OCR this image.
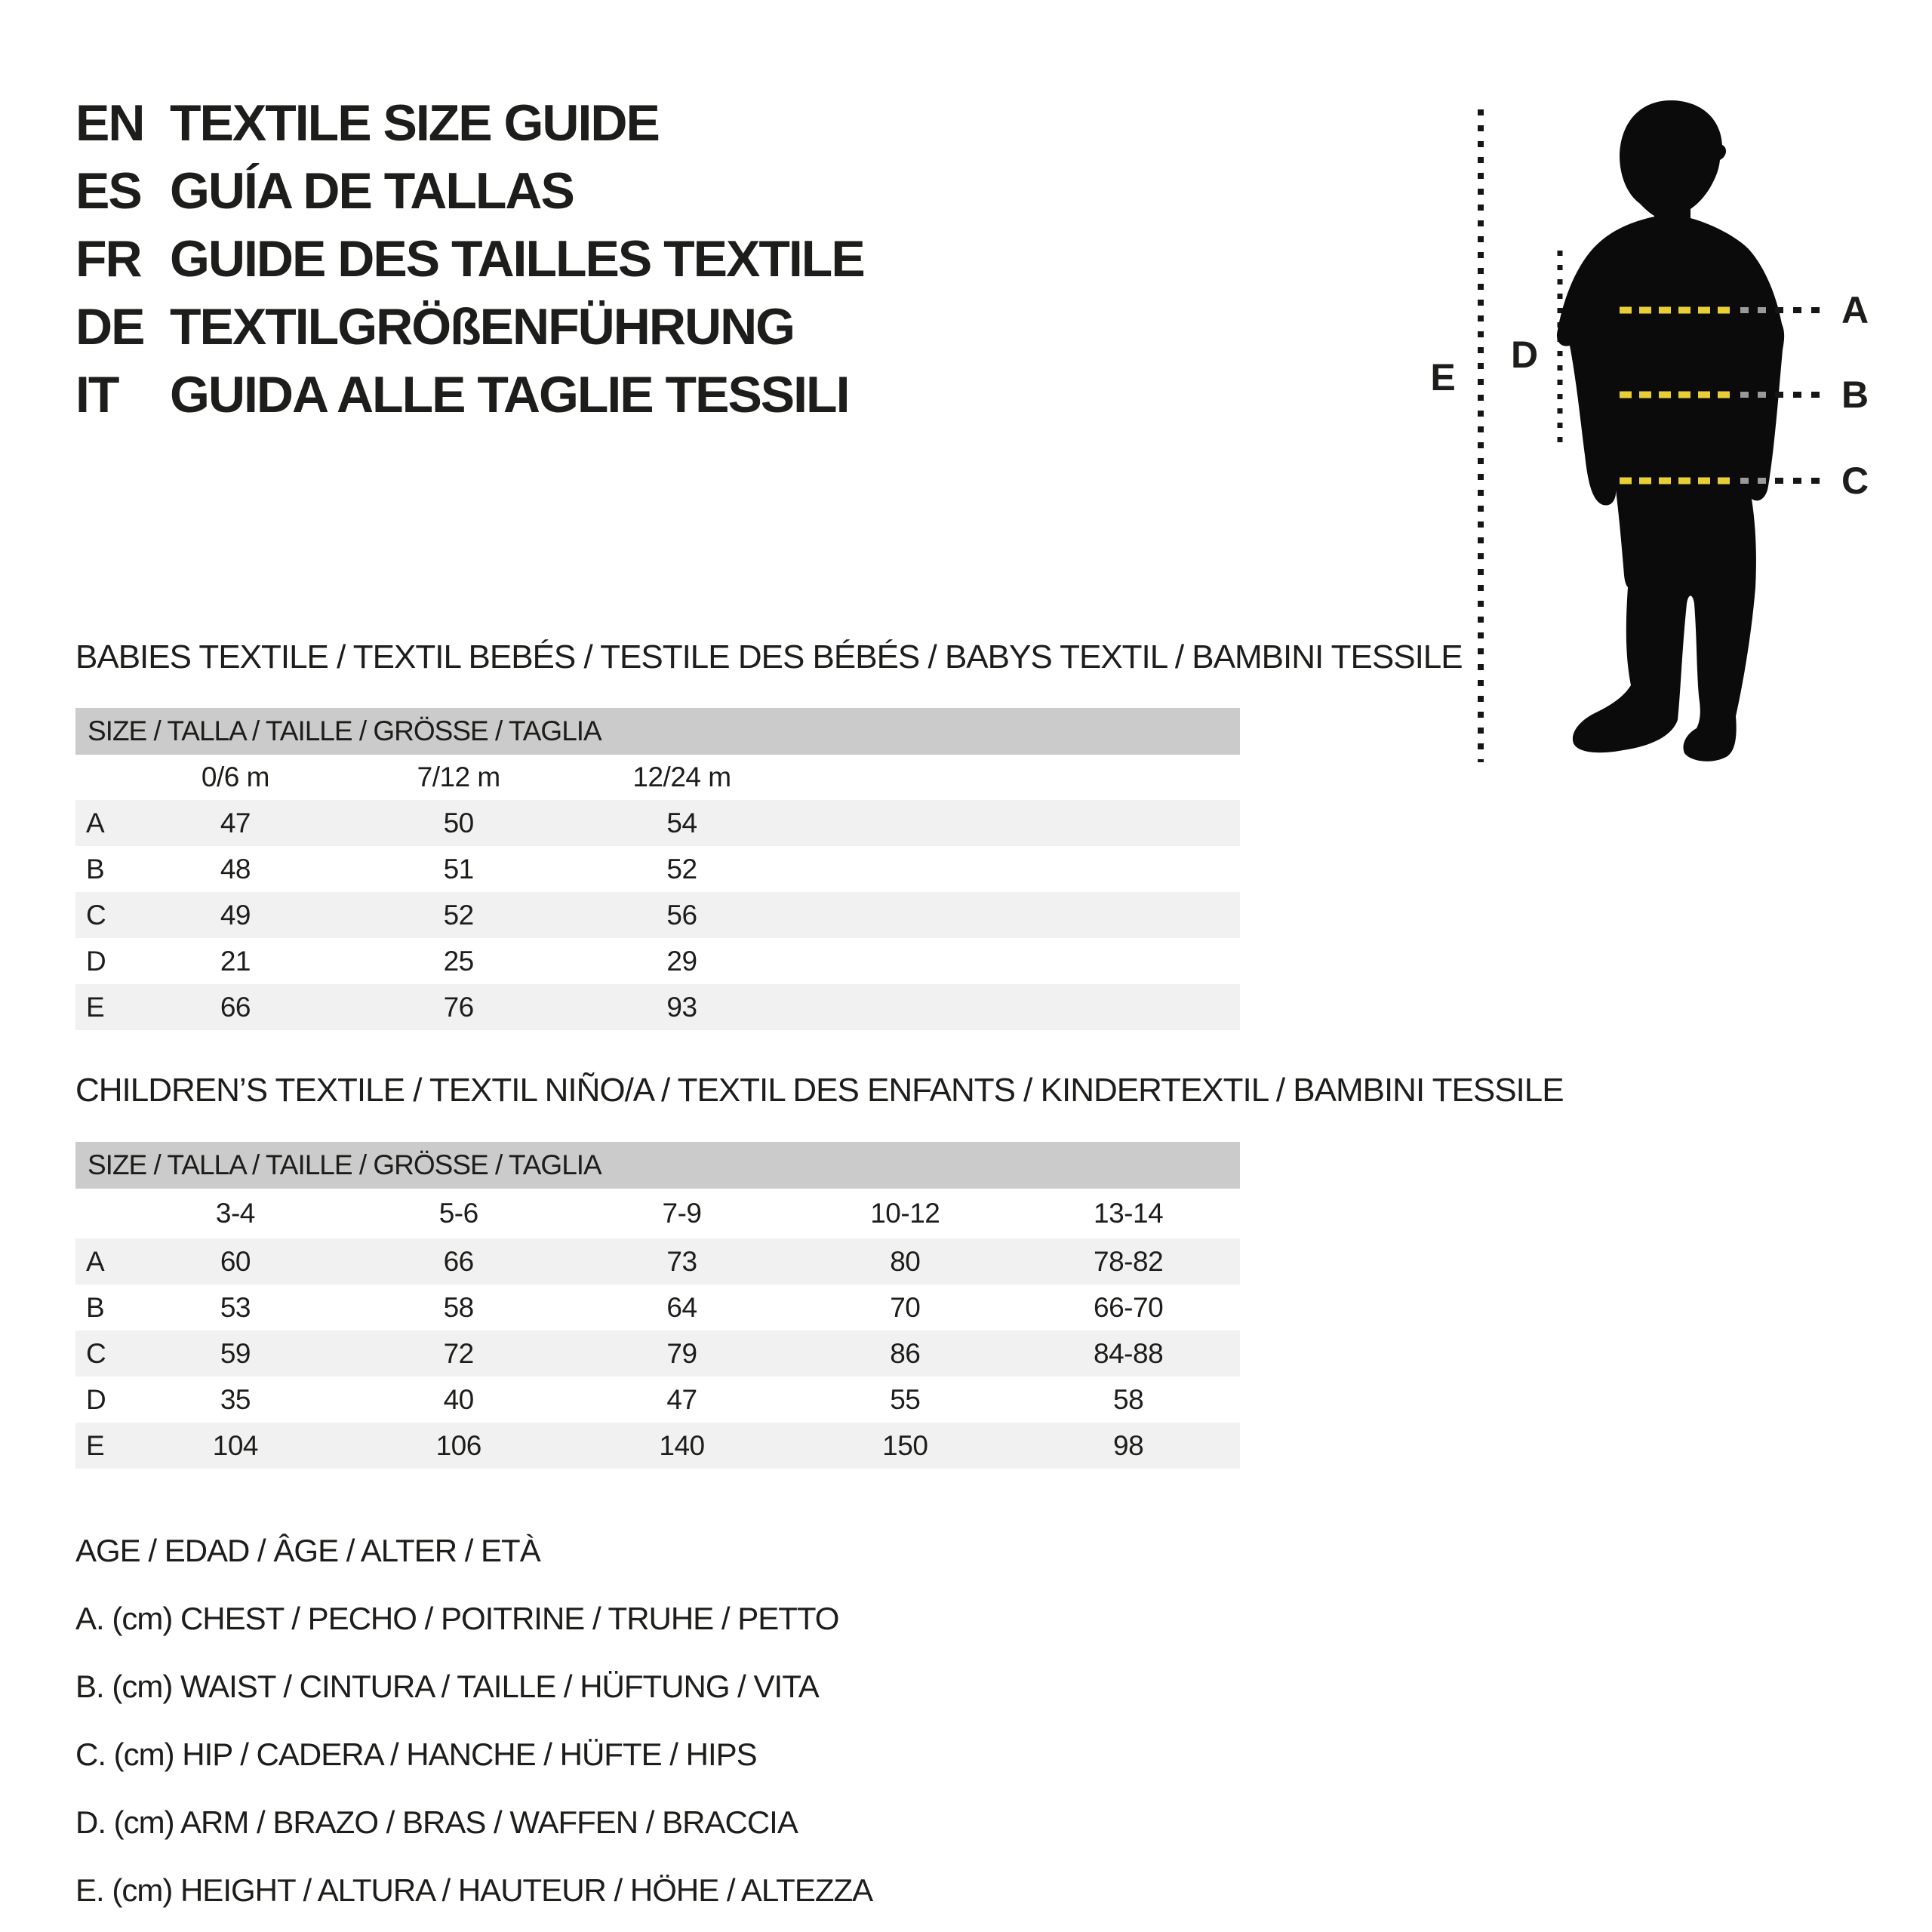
EN TEXTILE SIZE GUIDE
ES GUÍA DE TALLAS
FR GUIDE DES TAILLES TEXTILE
DE TEXTILGRÖßENFÜHRUNG
IT	GUIDA ALLE TAGLIE TESSILI	E
D
A
B
C
BABIES TEXTILE / TEXTIL BEBÉS / TESTILE DES BÉBÉS / BABYS TEXTIL / BAMBINI TESSILE
SIZE / TALLA / TAILLE / GRÖSSE / TAGLIA
0/6 m	7/12 m	12/24 m
A	47	50	54
B	48	51	52
C	49	52	56
D	21	25	29
E	66	76	93
CHILDREN’S TEXTILE / TEXTIL NIÑO/A / TEXTIL DES ENFANTS / KINDERTEXTIL / BAMBINI TESSILE
SIZE / TALLA / TAILLE / GRÖSSE / TAGLIA
3-4	5-6	7-9	10-12	13-14
A	60	66	73	80	78-82
B	53	58	64	70	66-70
C	59	72	79	86	84-88
D	35	40	47	55	58
E	104	106	140	150	98
AGE / EDAD / ÂGE / ALTER / ETÀ
A. (cm) CHEST / PECHO / POITRINE / TRUHE / PETTO
B. (cm) WAIST / CINTURA / TAILLE / HÜFTUNG / VITA
C. (cm) HIP / CADERA / HANCHE / HÜFTE / HIPS
D. (cm) ARM / BRAZO / BRAS / WAFFEN / BRACCIA
E. (cm) HEIGHT / ALTURA / HAUTEUR / HÖHE / ALTEZZA
